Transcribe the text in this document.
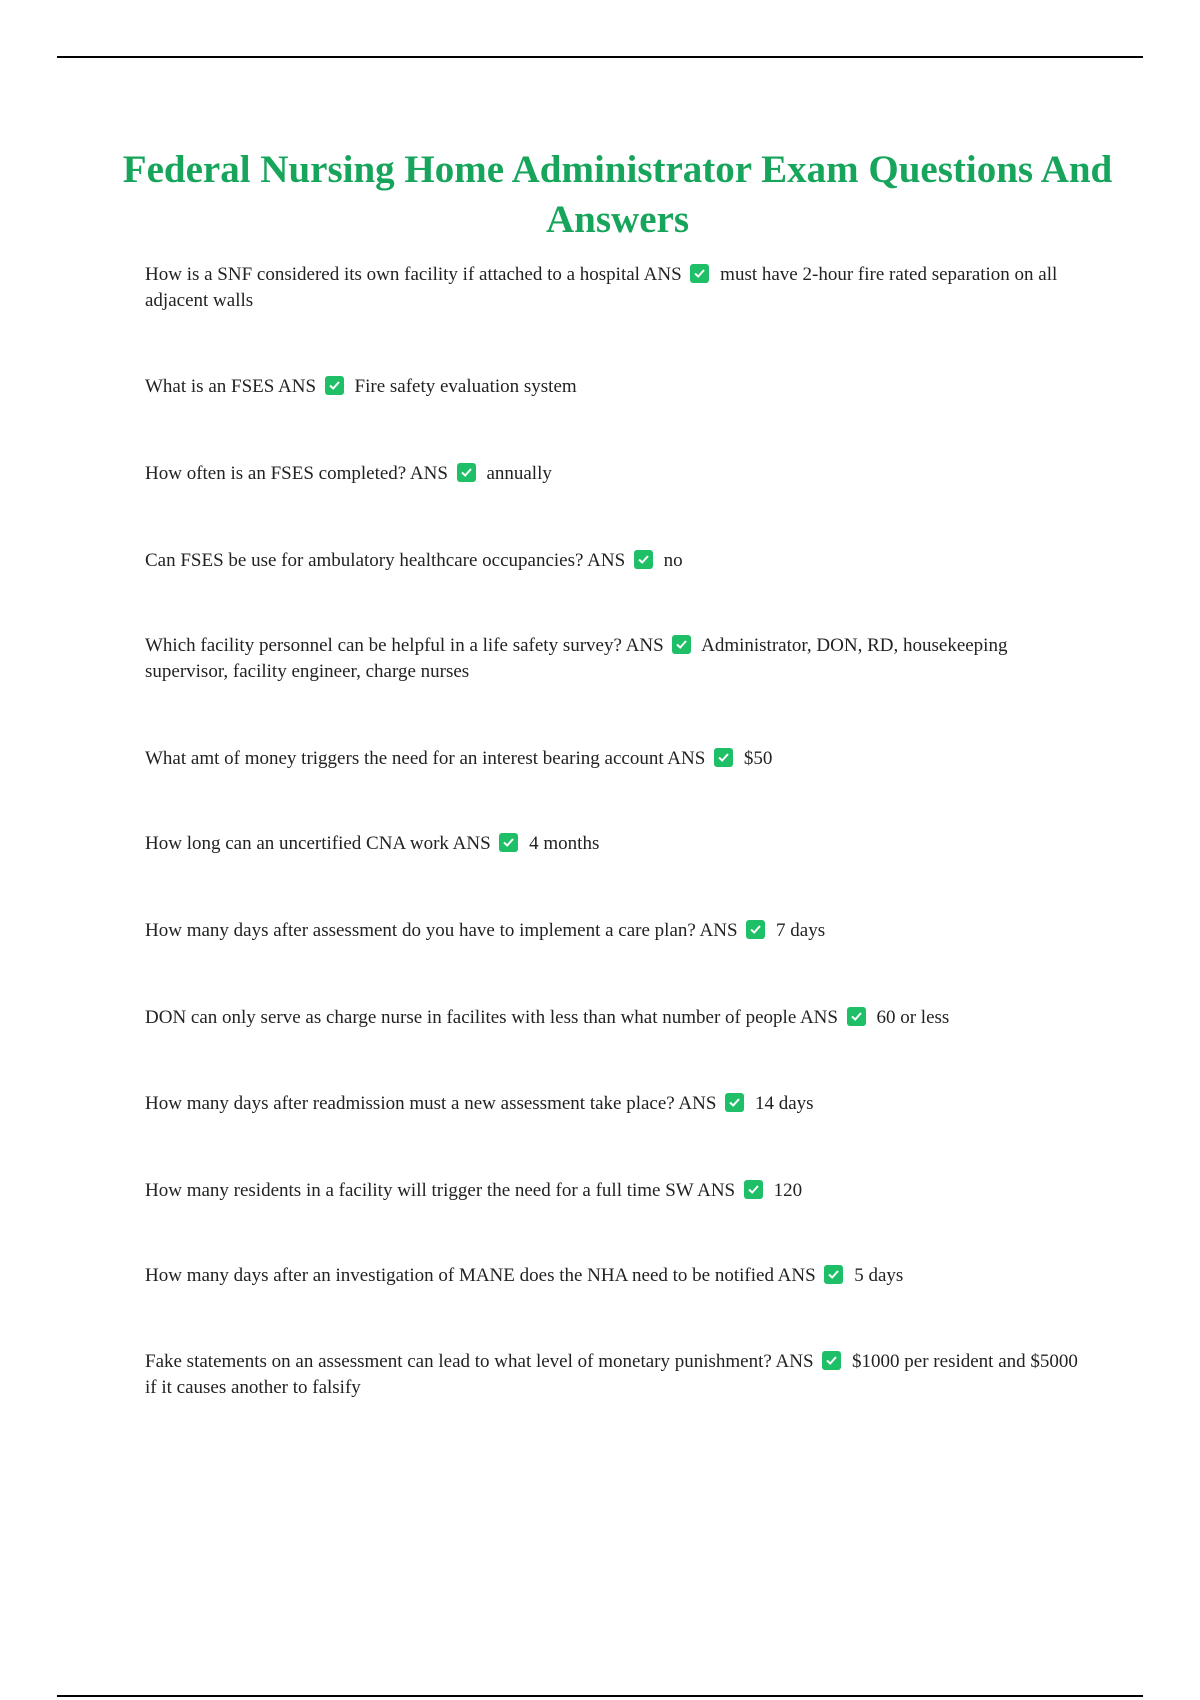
Federal Nursing Home Administrator Exam Questions And Answers
How is a SNF considered its own facility if attached to a hospital ANS must have 2-hour fire rated separation on all adjacent walls
What is an FSES ANS Fire safety evaluation system
How often is an FSES completed? ANS annually
Can FSES be use for ambulatory healthcare occupancies? ANS no
Which facility personnel can be helpful in a life safety survey? ANS Administrator, DON, RD, housekeeping supervisor, facility engineer, charge nurses
What amt of money triggers the need for an interest bearing account ANS $50
How long can an uncertified CNA work ANS 4 months
How many days after assessment do you have to implement a care plan? ANS 7 days
DON can only serve as charge nurse in facilites with less than what number of people ANS 60 or less
How many days after readmission must a new assessment take place? ANS 14 days
How many residents in a facility will trigger the need for a full time SW ANS 120
How many days after an investigation of MANE does the NHA need to be notified ANS 5 days
Fake statements on an assessment can lead to what level of monetary punishment? ANS $1000 per resident and $5000 if it causes another to falsify
